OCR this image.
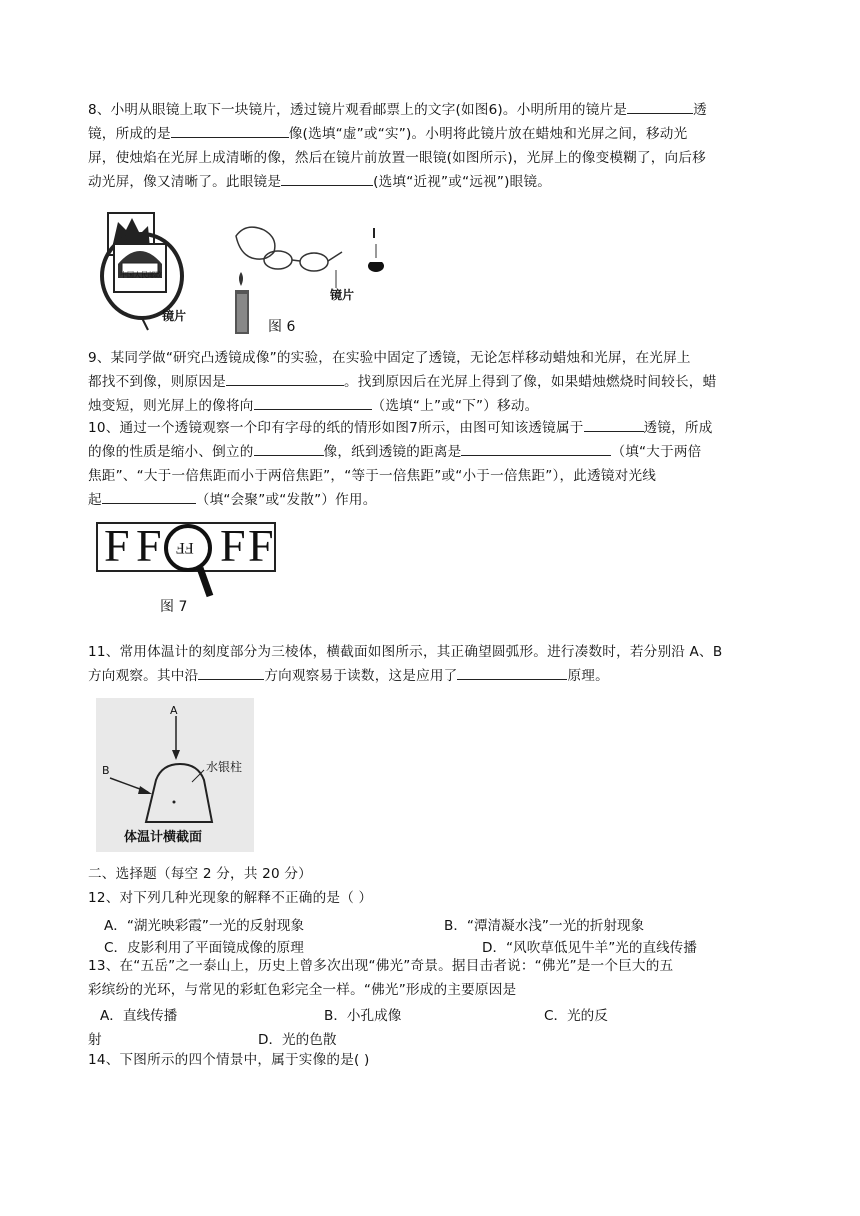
8、小明从眼镜上取下一块镜片，透过镜片观看邮票上的文字(如图6)。小明所用的镜片是	透
镜，所成的是	像(选填“虚”或“实”)。小明将此镜片放在蜡烛和光屏之间，移动光
屏，使烛焰在光屏上成清晰的像，然后在镜片前放置一眼镜(如图所示)，光屏上的像变模糊了，向后移
动光屏，像又清晰了。此眼镜是	(选填“近视”或“远视”)眼镜。
中国人民邮政
镜片
镜片
图 6
9、某同学做“研究凸透镜成像”的实验，在实验中固定了透镜，无论怎样移动蜡烛和光屏，在光屏上
都找不到像，则原因是	。找到原因后在光屏上得到了像，如果蜡烛燃烧时间较长，蜡
烛变短，则光屏上的像将向	（选填“上”或“下”）移动。
10、通过一个透镜观察一个印有字母的纸的情形如图7所示，由图可知该透镜属于	透镜，所成
的像的性质是缩小、倒立的	像，纸到透镜的距离是	（填“大于两倍
焦距”、“大于一倍焦距而小于两倍焦距”，“等于一倍焦距”或“小于一倍焦距”），此透镜对光线
起	（填“会聚”或“发散”）作用。
F F F F
FF
图 7
11、常用体温计的刻度部分为三棱体，横截面如图所示，其正确望圆弧形。进行凑数时，若分别沿 A、B
方向观察。其中沿	方向观察易于读数，这是应用了	原理。
A
B	水银柱
体温计横截面
二、选择题（每空 2 分，共 20 分）
12、对下列几种光现象的解释不正确的是（ ）
A．“湖光映彩霞”一光的反射现象	B．“潭清凝水浅”一光的折射现象
C．皮影利用了平面镜成像的原理	D．“风吹草低见牛羊”光的直线传播
13、在“五岳”之一泰山上，历史上曾多次出现“佛光”奇景。据目击者说：“佛光”是一个巨大的五
彩缤纷的光环，与常见的彩虹色彩完全一样。“佛光”形成的主要原因是
A．直线传播	B．小孔成像	C．光的反
射	D．光的色散
14、下图所示的四个情景中，属于实像的是( )
